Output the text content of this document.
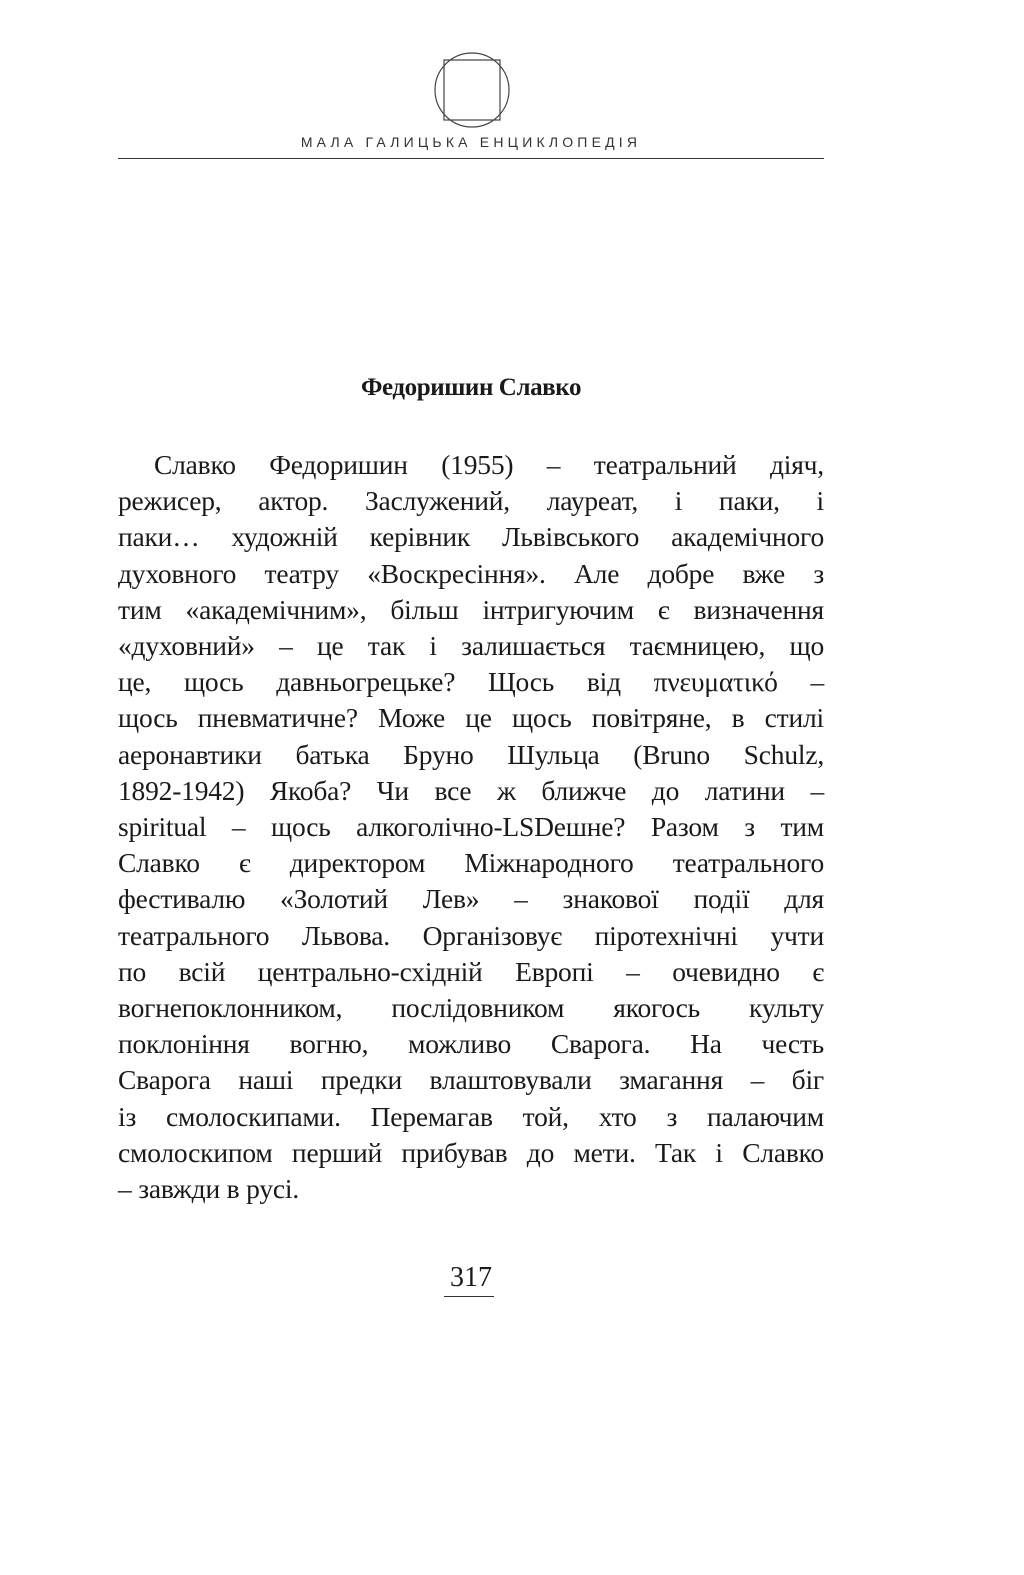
МАЛА ГАЛИЦЬКА ЕНЦИКЛОПЕДІЯ
Федоришин Славко
Славко Федоришин (1955) – театральний діяч,
режисер, актор. Заслужений, лауреат, і паки, і
паки… художній керівник Львівського академічного
духовного театру «Воскресіння». Але добре вже з
тим «академічним», більш інтригуючим є визначення
«духовний» – це так і залишається таємницею, що
це, щось давньогрецьке? Щось від πνευματικό –
щось пневматичне? Може це щось повітряне, в стилі
аеронавтики батька Бруно Шульца (Bruno Schulz,
1892-1942) Якоба? Чи все ж ближче до латини –
spiritual – щось алкоголічно-LSDешне? Разом з тим
Славко є директором Міжнародного театрального
фестивалю «Золотий Лев» – знакової події для
театрального Львова. Організовує піротехнічні учти
по всій центрально-східній Европі – очевидно є
вогнепоклонником, послідовником якогось культу
поклоніння вогню, можливо Сварога. На честь
Сварога наші предки влаштовували змагання – біг
із смолоскипами. Перемагав той, хто з палаючим
смолоскипом перший прибував до мети. Так і Славко
– завжди в русі.
317
